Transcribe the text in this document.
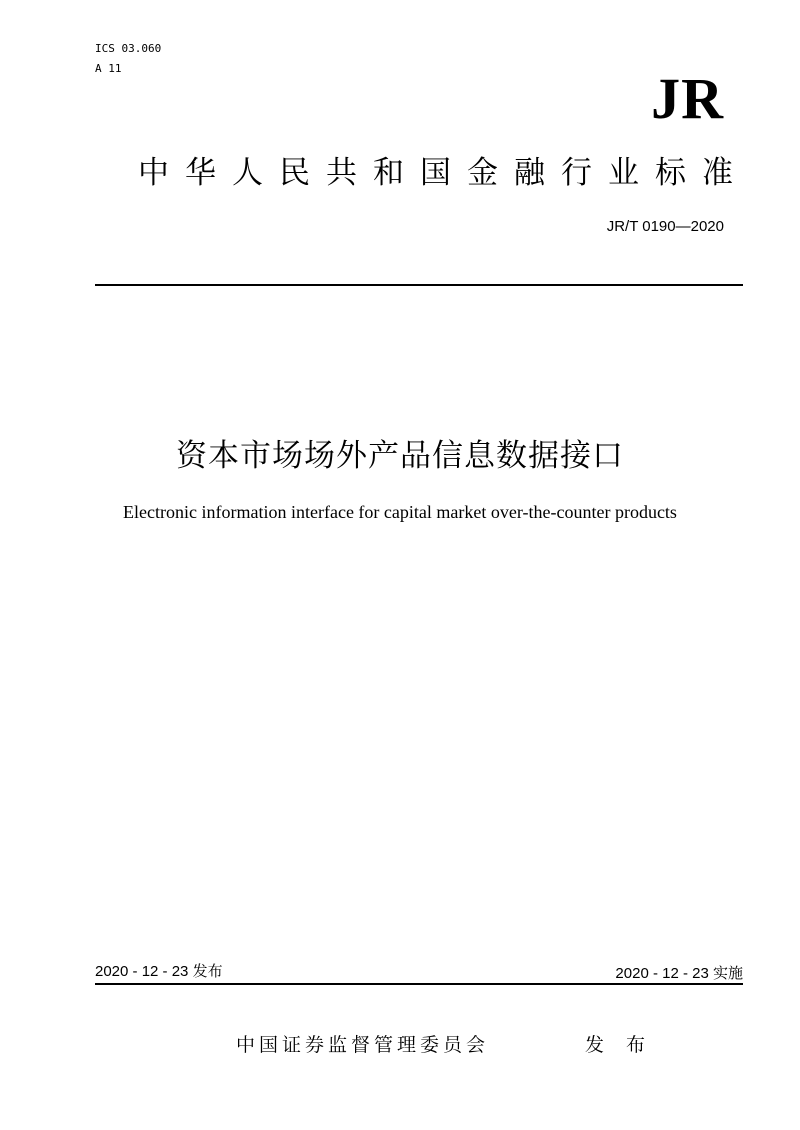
ICS 03.060
A 11	JR
中华人民共和国金融行业标准
JR/T 0190—2020
资本市场场外产品信息数据接口
Electronic information interface for capital market over-the-counter products
2020 - 12 - 23 发布	2020 - 12 - 23 实施
中国证券监督管理委员会	发 布
